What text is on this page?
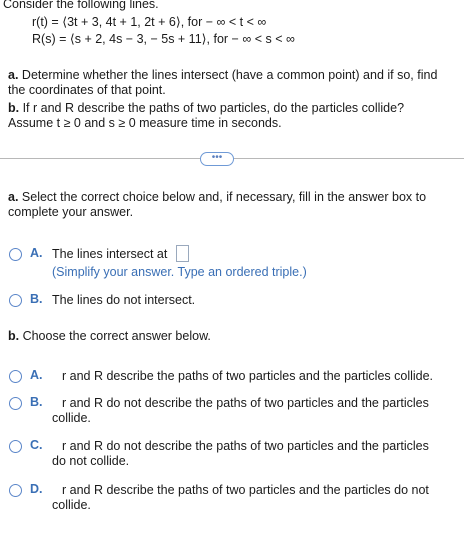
Consider the following lines.
r(t) = ⟨3t + 3, 4t + 1, 2t + 6⟩, for − ∞ < t < ∞
R(s) = ⟨s + 2, 4s − 3, − 5s + 11⟩, for − ∞ < s < ∞
a. Determine whether the lines intersect (have a common point) and if so, find
the coordinates of that point.
b. If r and R describe the paths of two particles, do the particles collide?
Assume t ≥ 0 and s ≥ 0 measure time in seconds.
•••
a. Select the correct choice below and, if necessary, fill in the answer box to
complete your answer.
A. The lines intersect at
(Simplify your answer. Type an ordered triple.)
B. The lines do not intersect.
b. Choose the correct answer below.
A. r and R describe the paths of two particles and the particles collide.
B. r and R do not describe the paths of two particles and the particles
collide.
C. r and R do not describe the paths of two particles and the particles
do not collide.
D. r and R describe the paths of two particles and the particles do not
collide.
